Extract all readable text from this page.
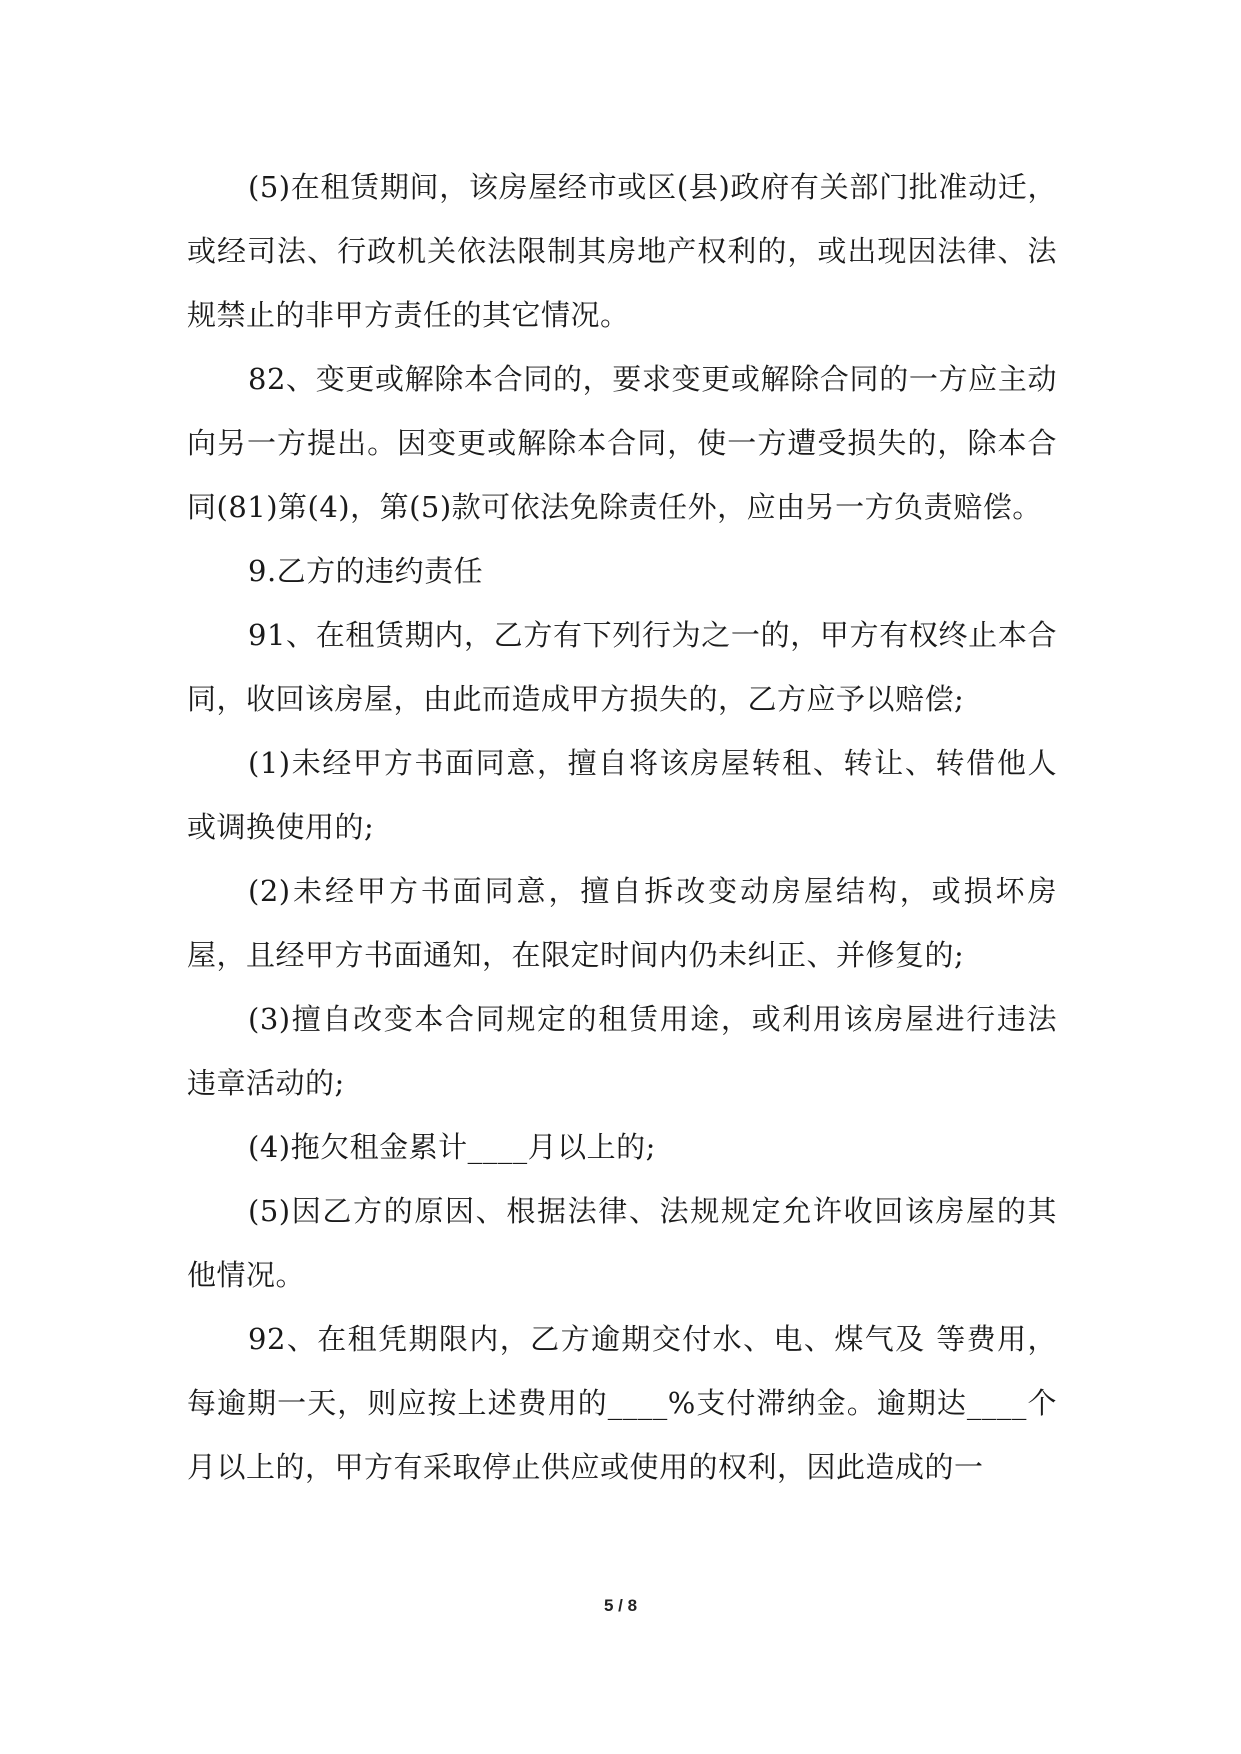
(5)在租赁期间，该房屋经市或区(县)政府有关部门批准动迁，或经司法、行政机关依法限制其房地产权利的，或出现因法律、法规禁止的非甲方责任的其它情况。

82、变更或解除本合同的，要求变更或解除合同的一方应主动向另一方提出。因变更或解除本合同，使一方遭受损失的，除本合同(81)第(4)，第(5)款可依法免除责任外，应由另一方负责赔偿。

9.乙方的违约责任

91、在租赁期内，乙方有下列行为之一的，甲方有权终止本合同，收回该房屋，由此而造成甲方损失的，乙方应予以赔偿;

(1)未经甲方书面同意，擅自将该房屋转租、转让、转借他人或调换使用的;

(2)未经甲方书面同意，擅自拆改变动房屋结构，或损坏房屋，且经甲方书面通知，在限定时间内仍未纠正、并修复的;

(3)擅自改变本合同规定的租赁用途，或利用该房屋进行违法违章活动的;

(4)拖欠租金累计____月以上的;

(5)因乙方的原因、根据法律、法规规定允许收回该房屋的其他情况。

92、在租凭期限内，乙方逾期交付水、电、煤气及 等费用，每逾期一天，则应按上述费用的____%支付滞纳金。逾期达____个月以上的，甲方有采取停止供应或使用的权利，因此造成的一

5 / 8
